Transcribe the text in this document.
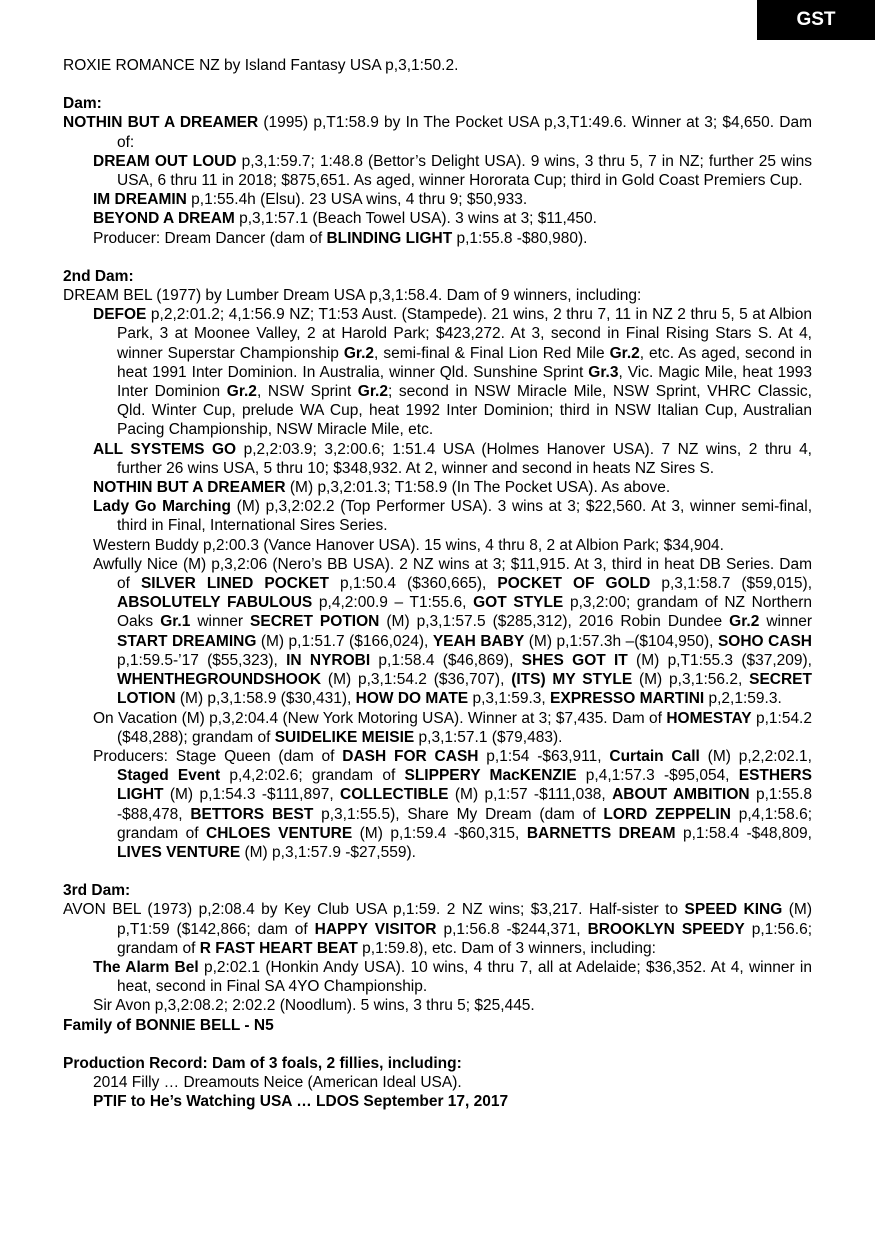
GST

ROXIE ROMANCE NZ by Island Fantasy USA p,3,1:50.2.

Dam:

NOTHIN BUT A DREAMER (1995) p,T1:58.9 by In The Pocket USA p,3,T1:49.6. Winner at 3; $4,650. Dam of:

DREAM OUT LOUD p,3,1:59.7; 1:48.8 (Bettor’s Delight USA). 9 wins, 3 thru 5, 7 in NZ; further 25 wins USA, 6 thru 11 in 2018; $875,651. As aged, winner Hororata Cup; third in Gold Coast Premiers Cup.

IM DREAMIN p,1:55.4h (Elsu). 23 USA wins, 4 thru 9; $50,933.

BEYOND A DREAM p,3,1:57.1 (Beach Towel USA). 3 wins at 3; $11,450.

Producer: Dream Dancer (dam of BLINDING LIGHT p,1:55.8 -$80,980).

2nd Dam:

DREAM BEL (1977) by Lumber Dream USA p,3,1:58.4. Dam of 9 winners, including:

DEFOE p,2,2:01.2; 4,1:56.9 NZ; T1:53 Aust. (Stampede). 21 wins, 2 thru 7, 11 in NZ 2 thru 5, 5 at Albion Park, 3 at Moonee Valley, 2 at Harold Park; $423,272. At 3, second in Final Rising Stars S. At 4, winner Superstar Championship Gr.2, semi-final & Final Lion Red Mile Gr.2, etc. As aged, second in heat 1991 Inter Dominion. In Australia, winner Qld. Sunshine Sprint Gr.3, Vic. Magic Mile, heat 1993 Inter Dominion Gr.2, NSW Sprint Gr.2; second in NSW Miracle Mile, NSW Sprint, VHRC Classic, Qld. Winter Cup, prelude WA Cup, heat 1992 Inter Dominion; third in NSW Italian Cup, Australian Pacing Championship, NSW Miracle Mile, etc.

ALL SYSTEMS GO p,2,2:03.9; 3,2:00.6; 1:51.4 USA (Holmes Hanover USA). 7 NZ wins, 2 thru 4, further 26 wins USA, 5 thru 10; $348,932. At 2, winner and second in heats NZ Sires S.

NOTHIN BUT A DREAMER (M) p,3,2:01.3; T1:58.9 (In The Pocket USA). As above.

Lady Go Marching (M) p,3,2:02.2 (Top Performer USA). 3 wins at 3; $22,560. At 3, winner semi-final, third in Final, International Sires Series.

Western Buddy p,2:00.3 (Vance Hanover USA). 15 wins, 4 thru 8, 2 at Albion Park; $34,904.

Awfully Nice (M) p,3,2:06 (Nero’s BB USA). 2 NZ wins at 3; $11,915. At 3, third in heat DB Series. Dam of SILVER LINED POCKET p,1:50.4 ($360,665), POCKET OF GOLD p,3,1:58.7 ($59,015), ABSOLUTELY FABULOUS p,4,2:00.9 – T1:55.6, GOT STYLE p,3,2:00; grandam of NZ Northern Oaks Gr.1 winner SECRET POTION (M) p,3,1:57.5 ($285,312), 2016 Robin Dundee Gr.2 winner START DREAMING (M) p,1:51.7 ($166,024), YEAH BABY (M) p,1:57.3h –($104,950), SOHO CASH p,1:59.5-’17 ($55,323), IN NYROBI p,1:58.4 ($46,869), SHES GOT IT (M) p,T1:55.3 ($37,209), WHENTHEGROUNDSHOOK (M) p,3,1:54.2 ($36,707), (ITS) MY STYLE (M) p,3,1:56.2, SECRET LOTION (M) p,3,1:58.9 ($30,431), HOW DO MATE p,3,1:59.3, EXPRESSO MARTINI p,2,1:59.3.

On Vacation (M) p,3,2:04.4 (New York Motoring USA). Winner at 3; $7,435. Dam of HOMESTAY p,1:54.2 ($48,288); grandam of SUIDELIKE MEISIE p,3,1:57.1 ($79,483).

Producers: Stage Queen (dam of DASH FOR CASH p,1:54 -$63,911, Curtain Call (M) p,2,2:02.1, Staged Event p,4,2:02.6; grandam of SLIPPERY MacKENZIE p,4,1:57.3 -$95,054, ESTHERS LIGHT (M) p,1:54.3 -$111,897, COLLECTIBLE (M) p,1:57 -$111,038, ABOUT AMBITION p,1:55.8 -$88,478, BETTORS BEST p,3,1:55.5), Share My Dream (dam of LORD ZEPPELIN p,4,1:58.6; grandam of CHLOES VENTURE (M) p,1:59.4 -$60,315, BARNETTS DREAM p,1:58.4 -$48,809, LIVES VENTURE (M) p,3,1:57.9 -$27,559).

3rd Dam:

AVON BEL (1973) p,2:08.4 by Key Club USA p,1:59. 2 NZ wins; $3,217. Half-sister to SPEED KING (M) p,T1:59 ($142,866; dam of HAPPY VISITOR p,1:56.8 -$244,371, BROOKLYN SPEEDY p,1:56.6; grandam of R FAST HEART BEAT p,1:59.8), etc. Dam of 3 winners, including:

The Alarm Bel p,2:02.1 (Honkin Andy USA). 10 wins, 4 thru 7, all at Adelaide; $36,352. At 4, winner in heat, second in Final SA 4YO Championship.

Sir Avon p,3,2:08.2; 2:02.2 (Noodlum). 5 wins, 3 thru 5; $25,445.

Family of BONNIE BELL - N5

Production Record: Dam of 3 foals, 2 fillies, including:

2014 Filly … Dreamouts Neice (American Ideal USA).

PTIF to He’s Watching USA … LDOS September 17, 2017
